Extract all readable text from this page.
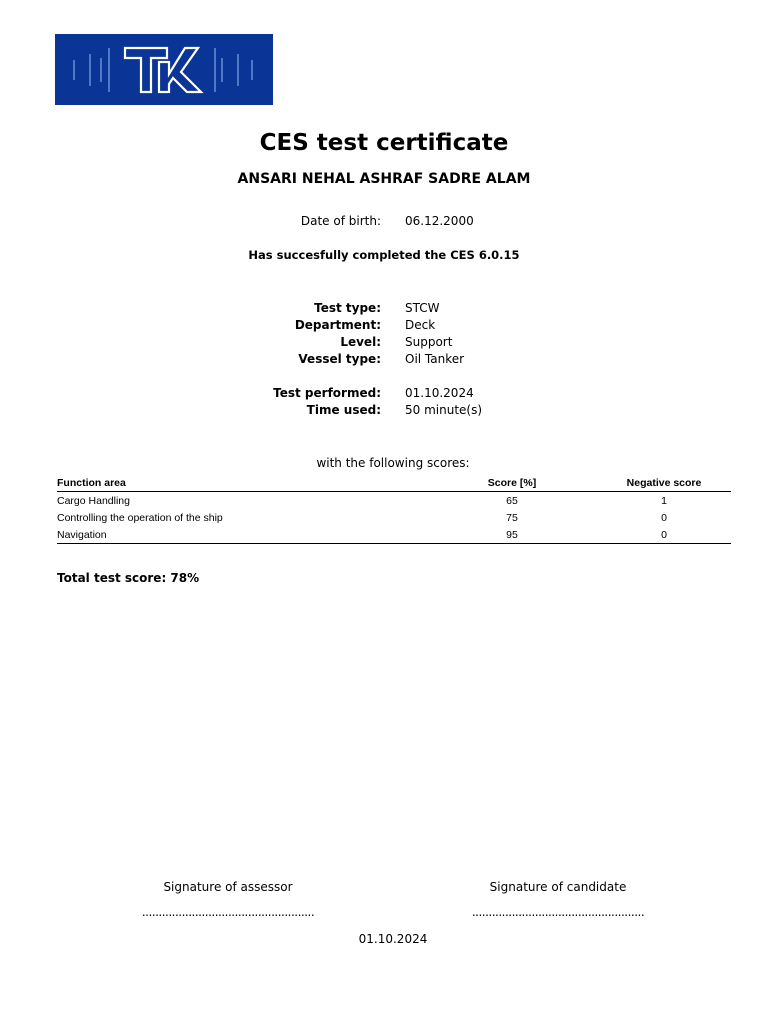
CES test certificate
ANSARI NEHAL ASHRAF SADRE ALAM
Date of birth: 06.12.2000
Has succesfully completed the CES 6.0.15
Test type: STCW
Department: Deck
Level: Support
Vessel type: Oil Tanker
Test performed: 01.10.2024
Time used: 50 minute(s)
with the following scores:
Function area	Score [%]	Negative score
Cargo Handling	65	1
Controlling the operation of the ship	75	0
Navigation	95	0
Total test score: 78%
Signature of assessor	Signature of candidate
....................................................	....................................................
01.10.2024
